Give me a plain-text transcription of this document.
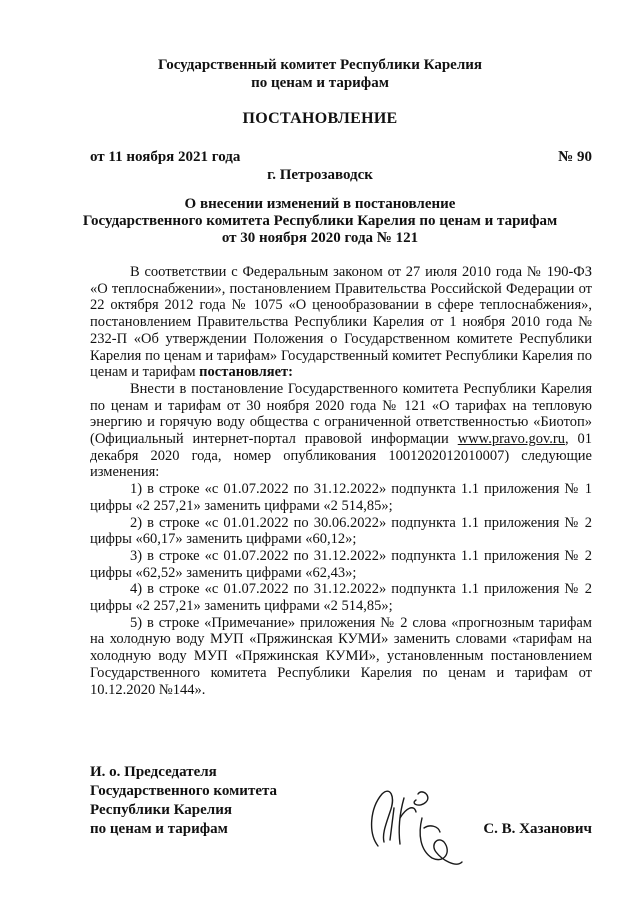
Государственный комитет Республики Карелия
по ценам и тарифам
ПОСТАНОВЛЕНИЕ
от 11 ноября 2021 года	№ 90
г. Петрозаводск
О внесении изменений в постановление
Государственного комитета Республики Карелия по ценам и тарифам
от 30 ноября 2020 года № 121

В соответствии с Федеральным законом от 27 июля 2010 года № 190-ФЗ «О теплоснабжении», постановлением Правительства Российской Федерации от 22 октября 2012 года № 1075 «О ценообразовании в сфере теплоснабжения», постановлением Правительства Республики Карелия от 1 ноября 2010 года № 232-П «Об утверждении Положения о Государственном комитете Республики Карелия по ценам и тарифам» Государственный комитет Республики Карелия по ценам и тарифам постановляет:

Внести в постановление Государственного комитета Республики Карелия по ценам и тарифам от 30 ноября 2020 года № 121 «О тарифах на тепловую энергию и горячую воду общества с ограниченной ответственностью «Биотоп» (Официальный интернет-портал правовой информации www.pravo.gov.ru, 01 декабря 2020 года, номер опубликования 1001202012010007) следующие изменения:

1) в строке «с 01.07.2022 по 31.12.2022» подпункта 1.1 приложения № 1 цифры «2 257,21» заменить цифрами «2 514,85»;

2) в строке «с 01.01.2022 по 30.06.2022» подпункта 1.1 приложения № 2 цифры «60,17» заменить цифрами «60,12»;

3) в строке «с 01.07.2022 по 31.12.2022» подпункта 1.1 приложения № 2 цифры «62,52» заменить цифрами «62,43»;

4) в строке «с 01.07.2022 по 31.12.2022» подпункта 1.1 приложения № 2 цифры «2 257,21» заменить цифрами «2 514,85»;

5) в строке «Примечание» приложения № 2 слова «прогнозным тарифам на холодную воду МУП «Пряжинская КУМИ» заменить словами «тарифам на холодную воду МУП «Пряжинская КУМИ», установленным постановлением Государственного комитета Республики Карелия по ценам и тарифам от 10.12.2020 №144».

И. о. Председателя
Государственного комитета
Республики Карелия
по ценам и тарифам	С. В. Хазанович
